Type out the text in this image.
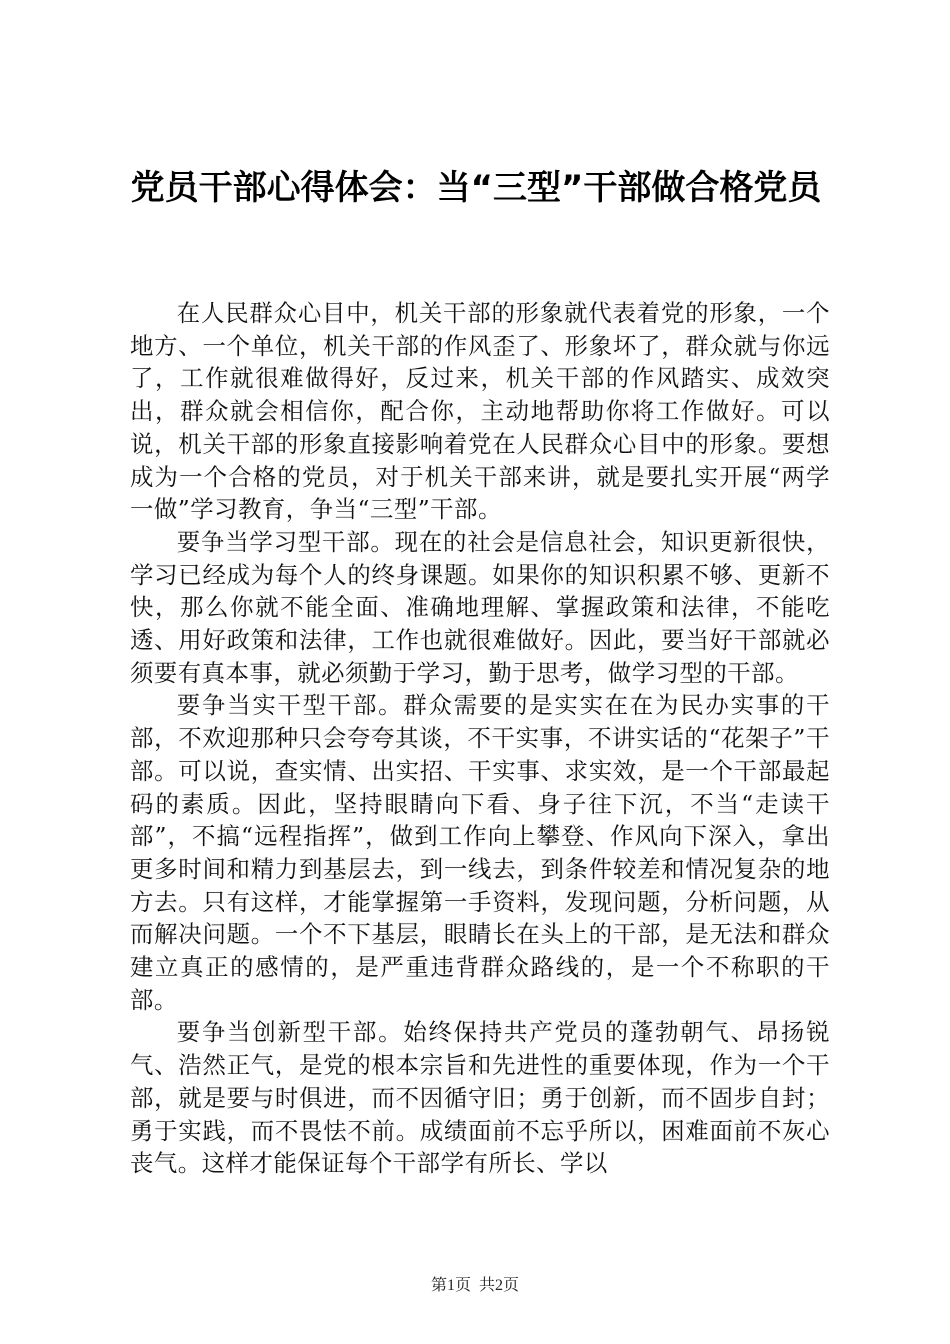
党员干部心得体会：当“三型”干部做合格党员

在人民群众心目中，机关干部的形象就代表着党的形象，一个地方、一个单位，机关干部的作风歪了、形象坏了，群众就与你远了，工作就很难做得好，反过来，机关干部的作风踏实、成效突出，群众就会相信你，配合你，主动地帮助你将工作做好。可以说，机关干部的形象直接影响着党在人民群众心目中的形象。要想成为一个合格的党员，对于机关干部来讲，就是要扎实开展“两学一做”学习教育，争当“三型”干部。

要争当学习型干部。现在的社会是信息社会，知识更新很快，学习已经成为每个人的终身课题。如果你的知识积累不够、更新不快，那么你就不能全面、准确地理解、掌握政策和法律，不能吃透、用好政策和法律，工作也就很难做好。因此，要当好干部就必须要有真本事，就必须勤于学习，勤于思考，做学习型的干部。

要争当实干型干部。群众需要的是实实在在为民办实事的干部，不欢迎那种只会夸夸其谈，不干实事，不讲实话的“花架子”干部。可以说，查实情、出实招、干实事、求实效，是一个干部最起码的素质。因此，坚持眼睛向下看、身子往下沉，不当“走读干部”，不搞“远程指挥”，做到工作向上攀登、作风向下深入，拿出更多时间和精力到基层去，到一线去，到条件较差和情况复杂的地方去。只有这样，才能掌握第一手资料，发现问题，分析问题，从而解决问题。一个不下基层，眼睛长在头上的干部，是无法和群众建立真正的感情的，是严重违背群众路线的，是一个不称职的干部。

要争当创新型干部。始终保持共产党员的蓬勃朝气、昂扬锐气、浩然正气，是党的根本宗旨和先进性的重要体现，作为一个干部，就是要与时俱进，而不因循守旧；勇于创新，而不固步自封；勇于实践，而不畏怯不前。成绩面前不忘乎所以，困难面前不灰心丧气。这样才能保证每个干部学有所长、学以

第1页 共2页
